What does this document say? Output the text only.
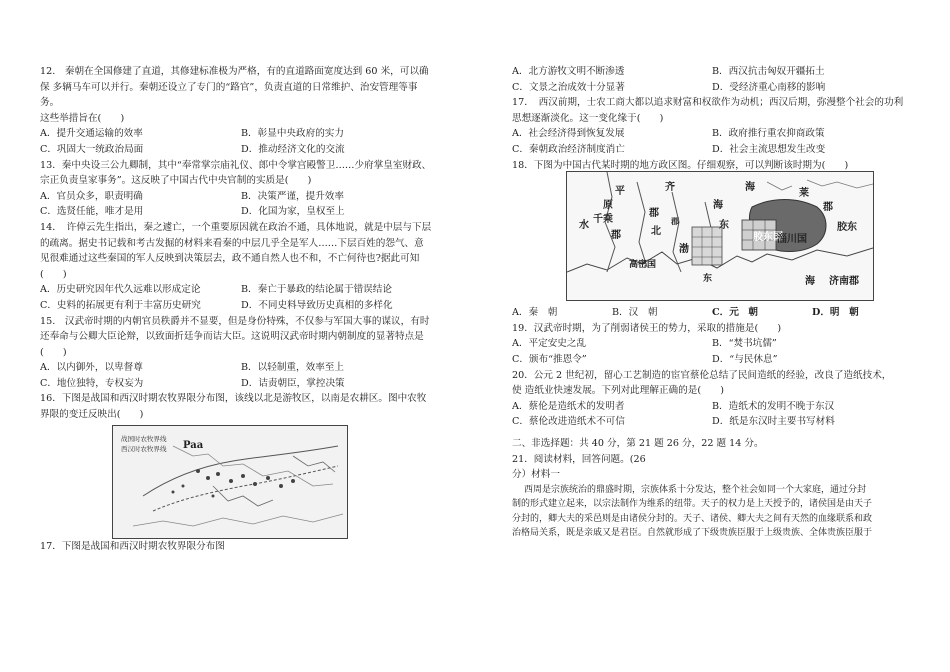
12.　秦朝在全国修建了直道，其修建标准极为严格，有的直道路面宽度达到 60 米，可以确
保 多辆马车可以并行。秦朝还设立了专门的“路官”，负责直道的日常维护、治安管理等事
务。
这些举措旨在(　　)
A．提升交通运输的效率	B．彰显中央政府的实力
C．巩固大一统政治局面	D．推动经济文化的交流
13．秦中央设三公九卿制，其中“奉常掌宗庙礼仪、郎中令掌宫殿警卫……少府掌皇室财政、
宗正负责皇家事务”。这反映了中国古代中央官制的实质是(　　)
A．官员众多，职责明确	B．决策严谨，提升效率
C．选贤任能，唯才是用	D．化国为家，皇权至上
14．　许倬云先生指出，秦之遽亡，一个重要原因就在政治不通，具体地说，就是中层与下层
的疏离。据史书记载和考古发掘的材料来看秦的中层几乎全是军人……下层百姓的怨气、意
见很难通过这些秦国的军人反映到决策层去，政不通自然人也不和，不亡何待也?据此可知
(　　)
A．历史研究因年代久远难以形成定论	B．秦亡于暴政的结论属于错误结论
C．史料的拓展更有利于丰富历史研究	D．不同史料导致历史真相的多样化
15.　汉武帝时期的内朝官员秩爵并不显要，但是身份特殊，不仅参与军国大事的谋议，有时
还奉命与公卿大臣论辩，以致面折廷争而诘大臣。这说明汉武帝时期内朝制度的显著特点是
(　　)
A．以内御外，以卑督尊	B．以轻制重，效率至上
C．地位独特，专权妄为	D．诘责朝臣，掌控决策
16．下图是战国和西汉时期农牧界限分布图，该线以北是游牧区，以南是农耕区。图中农牧
界限的变迁反映出(　　)
战国时农牧界线
西汉时农牧界线 Paa
17．下图是战国和西汉时期农牧界限分布图
A．北方游牧文明不断渗透	B．西汉抗击匈奴开疆拓土
C．文景之治成效十分显著	D．受经济重心南移的影响
17．　西汉前期，士农工商大都以追求财富和权欲作为动机；西汉后期，弥漫整个社会的功利
思想逐渐淡化。这一变化缘于(　　)
A．社会经济得到恢复发展	B．政府推行重农抑商政策
C．秦朝政治经济制度消亡	D．社会主流思想发生改变
18．下图为中国古代某时期的地方政区图。仔细观察，可以判断该时期为(　　)
千乘
平
原
郡
水
齐
郡
北
海
东
莱
郡
胶东
胶东国
淄川国
高密国
东	海 济南郡
郡
渤
海
A．秦　朝	B．汉　朝	C．元　朝	D．明　朝
19．汉武帝时期，为了削弱诸侯王的势力，采取的措施是(　　)
A．平定安史之乱	B．“焚书坑儒”
C．颁布“推恩令”	D．“与民休息”
20．公元 2 世纪初，留心工艺制造的宦官蔡伦总结了民间造纸的经验，改良了造纸技术，
使 造纸业快速发展。下列对此理解正确的是(　　)
A．蔡伦是造纸术的发明者	B．造纸术的发明不晚于东汉
C．蔡伦改进造纸术不可信	D．纸是东汉时主要书写材料
二、非选择题：共 40 分，第 21 题 26 分，22 题 14 分。
21．阅读材料，回答问题。(26
分）材料一
西周是宗族统治的鼎盛时期，宗族体系十分发达，整个社会如同一个大家庭，通过分封
制的形式建立起来，以宗法制作为维系的纽带。天子的权力是上天授予的，诸侯国是由天子
分封的，卿大夫的采邑则是由诸侯分封的。天子、诸侯、卿大夫之间有天然的血缘联系和政
治格局关系，既是亲戚又是君臣。自然就形成了下级贵族臣服于上级贵族、全体贵族臣服于
